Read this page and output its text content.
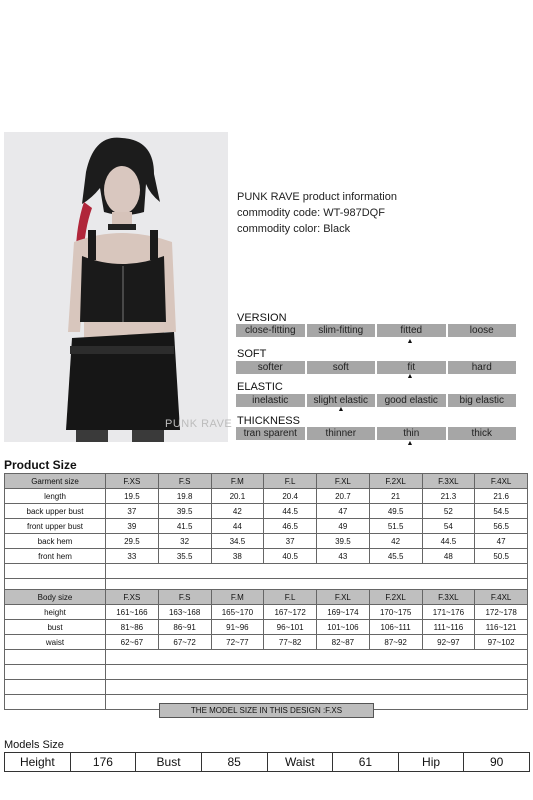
PUNK RAVE
PUNK RAVE product information
commodity code: WT-987DQF
commodity color: Black
VERSION
close-fitting	slim-fitting	fitted	loose
▲
SOFT
softer	soft	fit	hard
▲
ELASTIC
inelastic	slight elastic	good elastic	big elastic
▲
THICKNESS
tran sparent	thinner	thin	thick
▲
Product Size
Garment size	F.XS	F.S	F.M	F.L	F.XL	F.2XL	F.3XL	F.4XL
length	19.5	19.8	20.1	20.4	20.7	21	21.3	21.6
back upper bust	37	39.5	42	44.5	47	49.5	52	54.5
front upper bust	39	41.5	44	46.5	49	51.5	54	56.5
back hem	29.5	32	34.5	37	39.5	42	44.5	47
front hem	33	35.5	38	40.5	43	45.5	48	50.5

Body size	F.XS	F.S	F.M	F.L	F.XL	F.2XL	F.3XL	F.4XL
height	161~166	163~168	165~170	167~172	169~174	170~175	171~176	172~178
bust	81~86	86~91	91~96	96~101	101~106	106~111	111~116	116~121
waist	62~67	67~72	72~77	77~82	82~87	87~92	92~97	97~102

THE MODEL SIZE IN THIS DESIGN :F.XS
Models Size
Height	176	Bust	85	Waist	61	Hip	90
